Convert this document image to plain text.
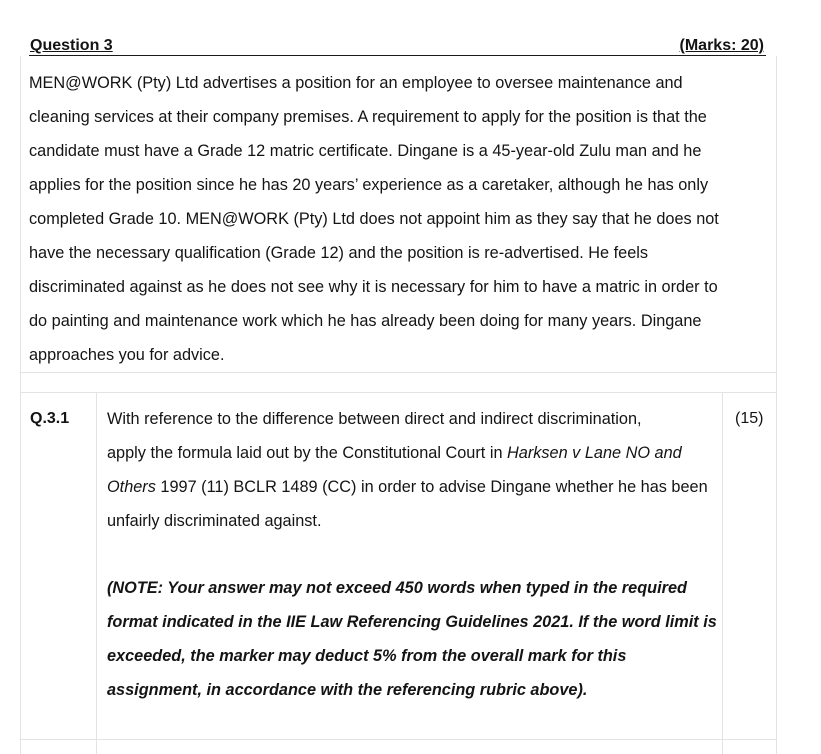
Question 3	(Marks: 20)

MEN@WORK (Pty) Ltd advertises a position for an employee to oversee maintenance and

cleaning services at their company premises. A requirement to apply for the position is that the

candidate must have a Grade 12 matric certificate. Dingane is a 45-year-old Zulu man and he

applies for the position since he has 20 years’ experience as a caretaker, although he has only

completed Grade 10. MEN@WORK (Pty) Ltd does not appoint him as they say that he does not

have the necessary qualification (Grade 12) and the position is re-advertised. He feels

discriminated against as he does not see why it is necessary for him to have a matric in order to

do painting and maintenance work which he has already been doing for many years. Dingane

approaches you for advice.

Q.3.1 With reference to the difference between direct and indirect discrimination,

apply the formula laid out by the Constitutional Court in Harksen v Lane NO and

Others 1997 (11) BCLR 1489 (CC) in order to advise Dingane whether he has been

unfairly discriminated against.

(NOTE: Your answer may not exceed 450 words when typed in the required

format indicated in the IIE Law Referencing Guidelines 2021. If the word limit is

exceeded, the marker may deduct 5% from the overall mark for this

assignment, in accordance with the referencing rubric above).

(15)
